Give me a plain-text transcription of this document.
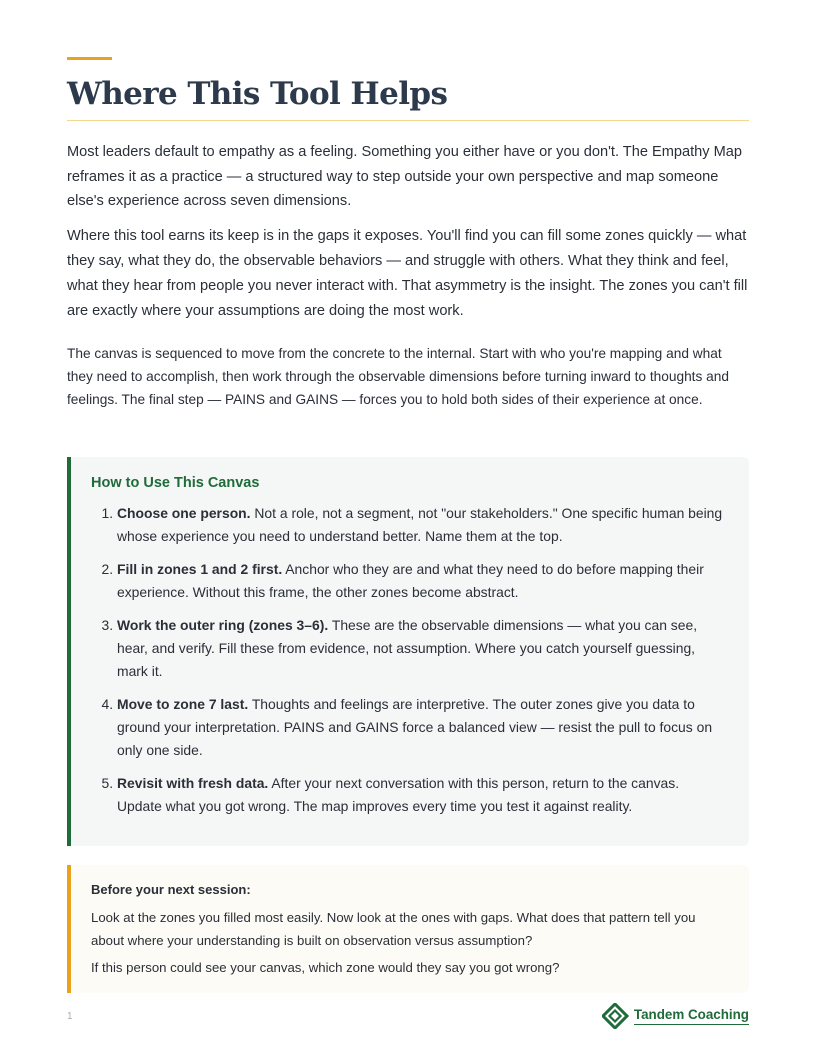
Where This Tool Helps

Most leaders default to empathy as a feeling. Something you either have or you don't. The Empathy Map reframes it as a practice — a structured way to step outside your own perspective and map someone else's experience across seven dimensions.

Where this tool earns its keep is in the gaps it exposes. You'll find you can fill some zones quickly — what they say, what they do, the observable behaviors — and struggle with others. What they think and feel, what they hear from people you never interact with. That asymmetry is the insight. The zones you can't fill are exactly where your assumptions are doing the most work.

The canvas is sequenced to move from the concrete to the internal. Start with who you're mapping and what they need to accomplish, then work through the observable dimensions before turning inward to thoughts and feelings. The final step — PAINS and GAINS — forces you to hold both sides of their experience at once.

How to Use This Canvas
1. Choose one person. Not a role, not a segment, not "our stakeholders." One specific human being whose experience you need to understand better. Name them at the top.
2. Fill in zones 1 and 2 first. Anchor who they are and what they need to do before mapping their experience. Without this frame, the other zones become abstract.
3. Work the outer ring (zones 3–6). These are the observable dimensions — what you can see, hear, and verify. Fill these from evidence, not assumption. Where you catch yourself guessing, mark it.
4. Move to zone 7 last. Thoughts and feelings are interpretive. The outer zones give you data to ground your interpretation. PAINS and GAINS force a balanced view — resist the pull to focus on only one side.
5. Revisit with fresh data. After your next conversation with this person, return to the canvas. Update what you got wrong. The map improves every time you test it against reality.

Before your next session:

Look at the zones you filled most easily. Now look at the ones with gaps. What does that pattern tell you about where your understanding is built on observation versus assumption?

If this person could see your canvas, which zone would they say you got wrong?

1	Tandem Coaching
